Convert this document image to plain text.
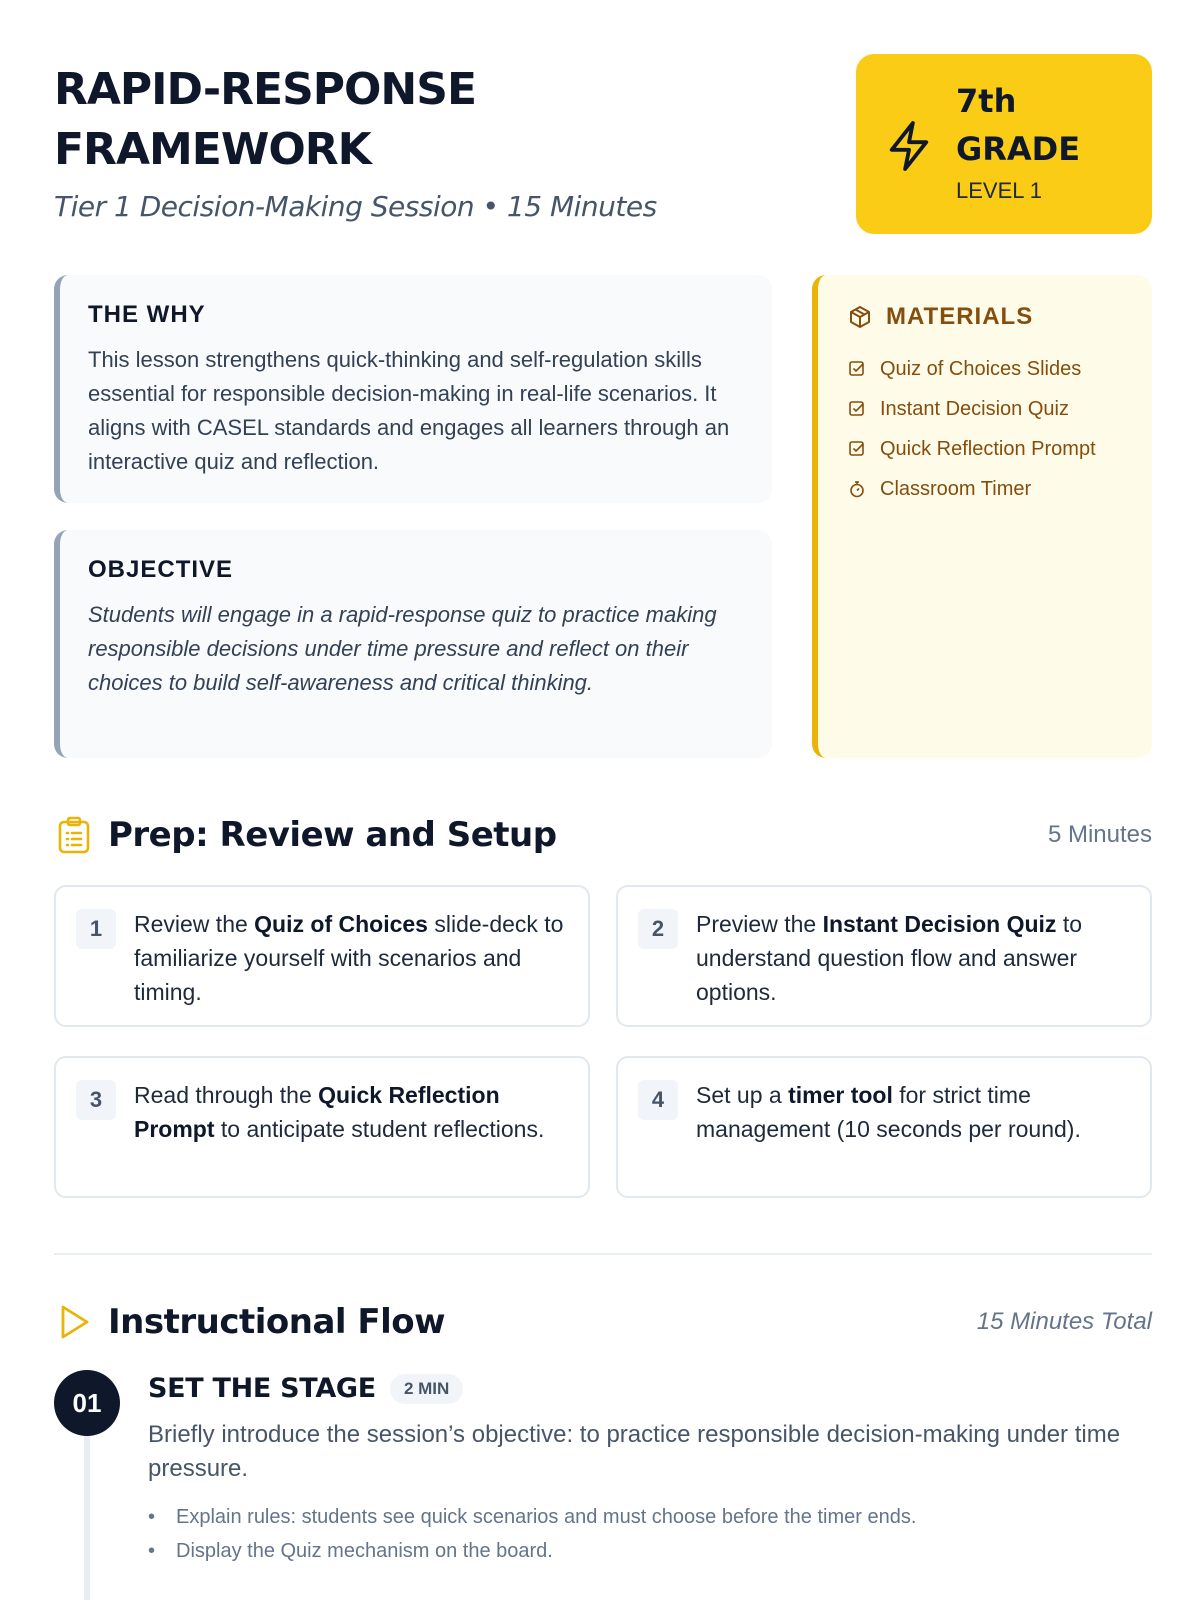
RAPID-RESPONSE
FRAMEWORK
Tier 1 Decision-Making Session • 15 Minutes
7th
GRADE
LEVEL 1
THE WHY

This lesson strengthens quick-thinking and self-regulation skills essential for responsible decision-making in real-life scenarios. It aligns with CASEL standards and engages all learners through an interactive quiz and reflection.

OBJECTIVE

Students will engage in a rapid-response quiz to practice making responsible decisions under time pressure and reflect on their choices to build self-awareness and critical thinking.

MATERIALS
Quiz of Choices Slides
Instant Decision Quiz
Quick Reflection Prompt
Classroom Timer
Prep: Review and Setup	5 Minutes
1	Review the Quiz of Choices slide-deck to familiarize yourself with scenarios and timing.

2	Preview the Instant Decision Quiz to understand question flow and answer options.

3	Read through the Quick Reflection Prompt to anticipate student reflections.

4	Set up a timer tool for strict time management (10 seconds per round).

Instructional Flow	15 Minutes Total
01	SET THE STAGE	2 MIN
Briefly introduce the session’s objective: to practice responsible decision-making under time pressure.
• Explain rules: students see quick scenarios and must choose before the timer ends.
• Display the Quiz mechanism on the board.
